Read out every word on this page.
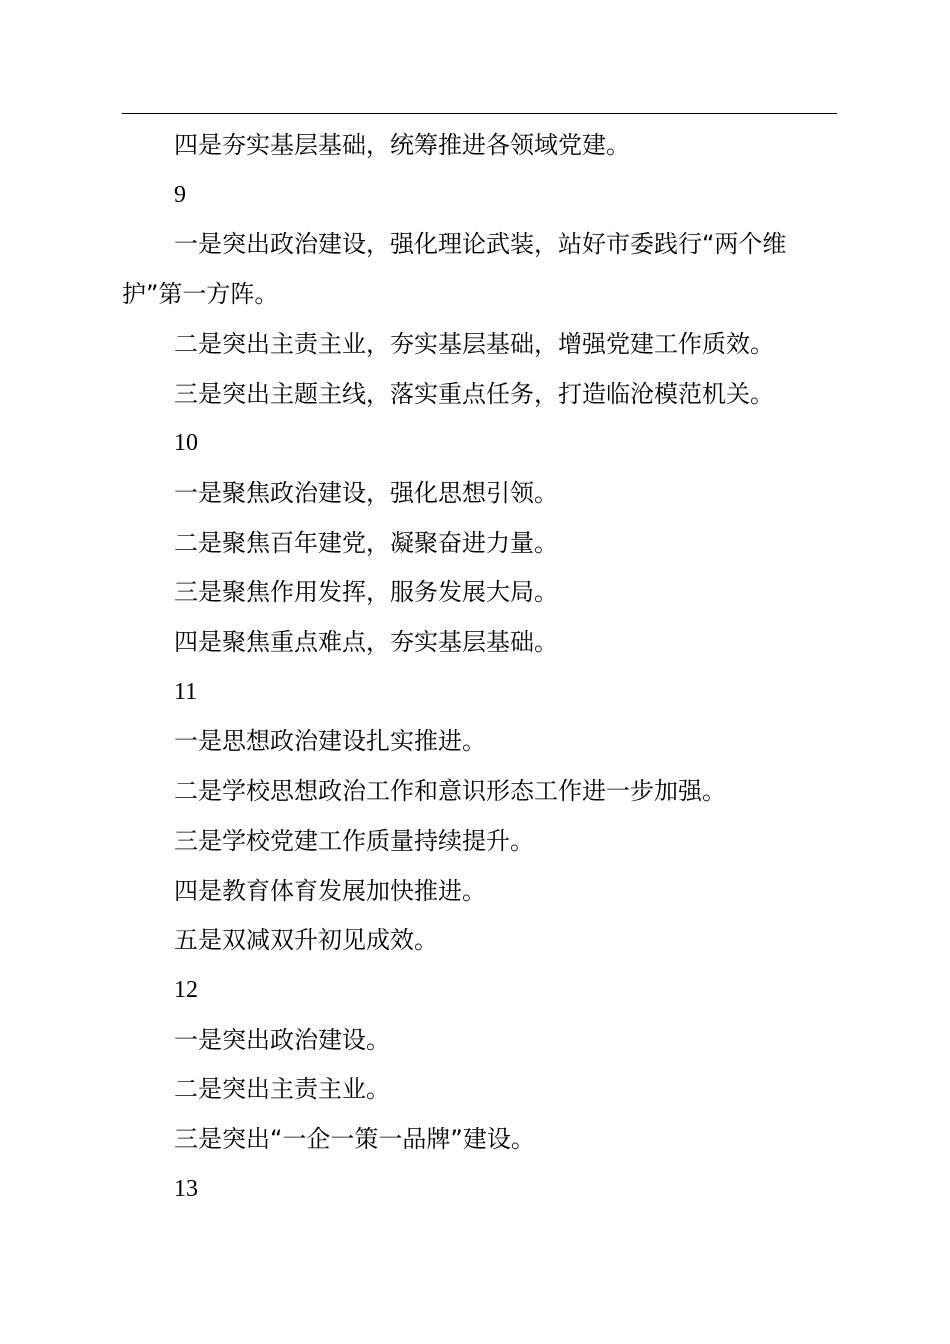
四是夯实基层基础，统筹推进各领域党建。

9

一是突出政治建设，强化理论武装，站好市委践行“两个维护”第一方阵。

二是突出主责主业，夯实基层基础，增强党建工作质效。

三是突出主题主线，落实重点任务，打造临沧模范机关。

10

一是聚焦政治建设，强化思想引领。

二是聚焦百年建党，凝聚奋进力量。

三是聚焦作用发挥，服务发展大局。

四是聚焦重点难点，夯实基层基础。

11

一是思想政治建设扎实推进。

二是学校思想政治工作和意识形态工作进一步加强。

三是学校党建工作质量持续提升。

四是教育体育发展加快推进。

五是双减双升初见成效。

12

一是突出政治建设。

二是突出主责主业。

三是突出“一企一策一品牌”建设。

13
